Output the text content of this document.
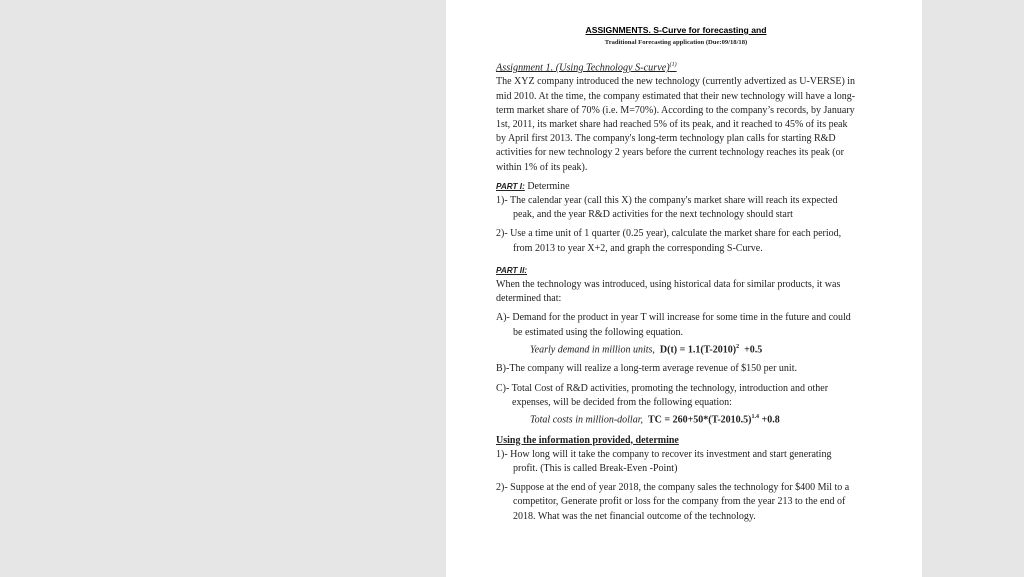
ASSIGNMENTS. S-Curve for forecasting and
Traditional Forecasting application (Due:09/18/18)
Assignment 1. (Using Technology S-curve)$^{(1)}$

The XYZ company introduced the new technology (currently advertized as U-VERSE) in mid 2010. At the time, the company estimated that their new technology will have a long-term market share of 70% (i.e. M=70%). According to the company’s records, by January 1st, 2011, its market share had reached 5% of its peak, and it reached to 45% of its peak by April first 2013. The company's long-term technology plan calls for starting R&D activities for new technology 2 years before the current technology reaches its peak (or within 1% of its peak).

PART I: Determine

1)- The calendar year (call this X) the company's market share will reach its expected peak, and the year R&D activities for the next technology should start

2)- Use a time unit of 1 quarter (0.25 year), calculate the market share for each period, from 2013 to year X+2, and graph the corresponding S-Curve.

PART II:

When the technology was introduced, using historical data for similar products, it was determined that:

A)- Demand for the product in year T will increase for some time in the future and could be estimated using the following equation.

Yearly demand in million units, $D(t) = 1.1(T-2010)^2 +0.5$

B)-The company will realize a long-term average revenue of $150 per unit.

C)- Total Cost of R&D activities, promoting the technology, introduction and other expenses, will be decided from the following equation:

Total costs in million-dollar, TC = $260+50*(T-2010.5)^{1.4} +0.8$
Using the information provided, determine

1)- How long will it take the company to recover its investment and start generating profit. (This is called Break-Even -Point)

2)- Suppose at the end of year 2018, the company sales the technology for $400 Mil to a competitor, Generate profit or loss for the company from the year 213 to the end of 2018. What was the net financial outcome of the technology.
